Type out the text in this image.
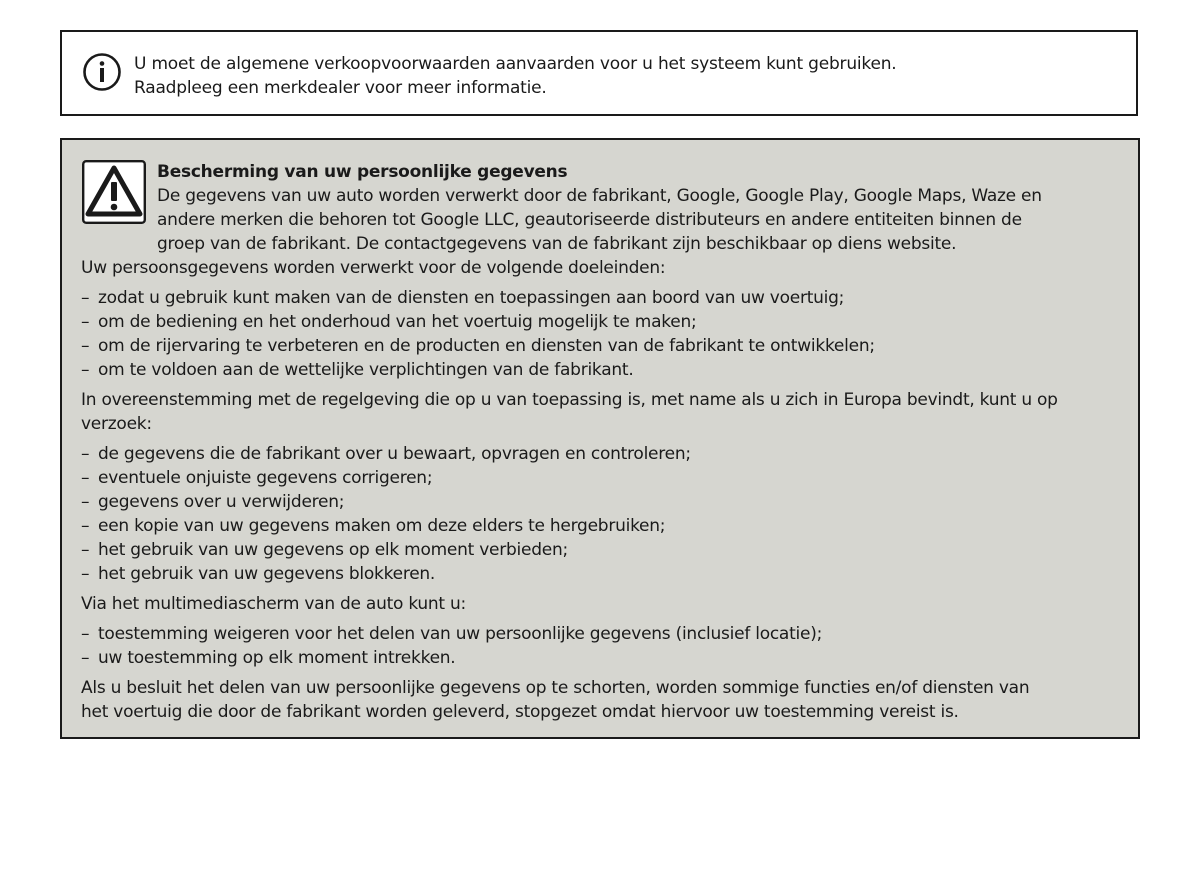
U moet de algemene verkoopvoorwaarden aanvaarden voor u het systeem kunt gebruiken.
Raadpleeg een merkdealer voor meer informatie.
Bescherming van uw persoonlijke gegevens
De gegevens van uw auto worden verwerkt door de fabrikant, Google, Google Play, Google Maps, Waze en
andere merken die behoren tot Google LLC, geautoriseerde distributeurs en andere entiteiten binnen de
groep van de fabrikant. De contactgegevens van de fabrikant zijn beschikbaar op diens website.
Uw persoonsgegevens worden verwerkt voor de volgende doeleinden:
– zodat u gebruik kunt maken van de diensten en toepassingen aan boord van uw voertuig;
– om de bediening en het onderhoud van het voertuig mogelijk te maken;
– om de rijervaring te verbeteren en de producten en diensten van de fabrikant te ontwikkelen;
– om te voldoen aan de wettelijke verplichtingen van de fabrikant.
In overeenstemming met de regelgeving die op u van toepassing is, met name als u zich in Europa bevindt, kunt u op
verzoek:
– de gegevens die de fabrikant over u bewaart, opvragen en controleren;
– eventuele onjuiste gegevens corrigeren;
– gegevens over u verwijderen;
– een kopie van uw gegevens maken om deze elders te hergebruiken;
– het gebruik van uw gegevens op elk moment verbieden;
– het gebruik van uw gegevens blokkeren.
Via het multimediascherm van de auto kunt u:
– toestemming weigeren voor het delen van uw persoonlijke gegevens (inclusief locatie);
– uw toestemming op elk moment intrekken.
Als u besluit het delen van uw persoonlijke gegevens op te schorten, worden sommige functies en/of diensten van
het voertuig die door de fabrikant worden geleverd, stopgezet omdat hiervoor uw toestemming vereist is.
